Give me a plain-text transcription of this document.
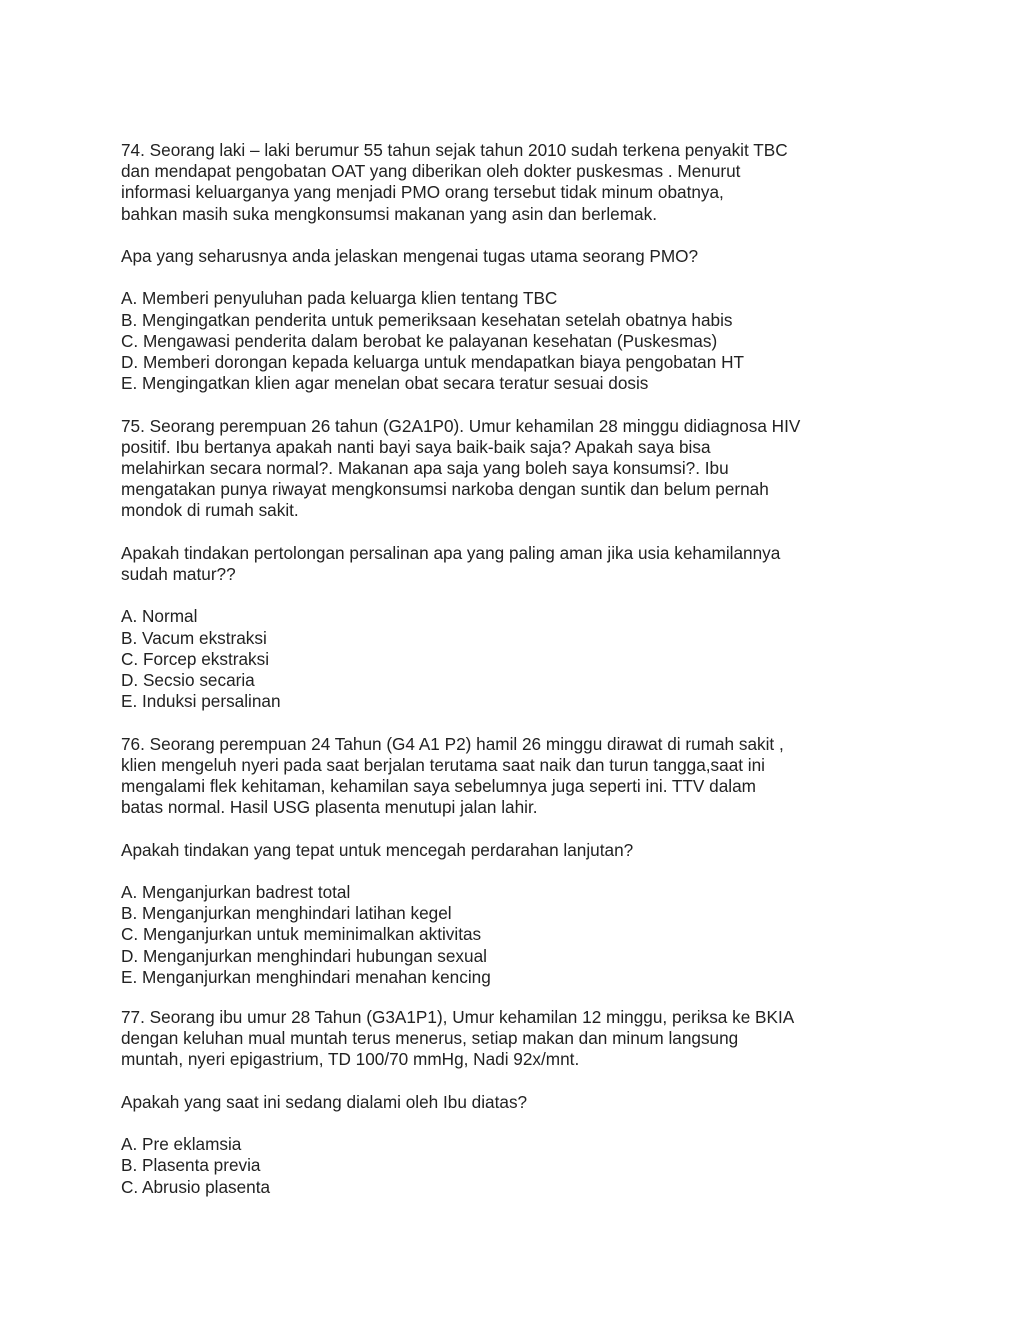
74. Seorang laki – laki berumur 55 tahun sejak tahun 2010 sudah terkena penyakit TBC
dan mendapat pengobatan OAT yang diberikan oleh dokter puskesmas . Menurut
informasi keluarganya yang menjadi PMO orang tersebut tidak minum obatnya,
bahkan masih suka mengkonsumsi makanan yang asin dan berlemak.
Apa yang seharusnya anda jelaskan mengenai tugas utama seorang PMO?
A. Memberi penyuluhan pada keluarga klien tentang TBC
B. Mengingatkan penderita untuk pemeriksaan kesehatan setelah obatnya habis
C. Mengawasi penderita dalam berobat ke palayanan kesehatan (Puskesmas)
D. Memberi dorongan kepada keluarga untuk mendapatkan biaya pengobatan HT
E. Mengingatkan klien agar menelan obat secara teratur sesuai dosis
75. Seorang perempuan 26 tahun (G2A1P0). Umur kehamilan 28 minggu didiagnosa HIV
positif. Ibu bertanya apakah nanti bayi saya baik-baik saja? Apakah saya bisa
melahirkan secara normal?. Makanan apa saja yang boleh saya konsumsi?. Ibu
mengatakan punya riwayat mengkonsumsi narkoba dengan suntik dan belum pernah
mondok di rumah sakit.
Apakah tindakan pertolongan persalinan apa yang paling aman jika usia kehamilannya
sudah matur??
A. Normal
B. Vacum ekstraksi
C. Forcep ekstraksi
D. Secsio secaria
E. Induksi persalinan
76. Seorang perempuan 24 Tahun (G4 A1 P2) hamil 26 minggu dirawat di rumah sakit ,
klien mengeluh nyeri pada saat berjalan terutama saat naik dan turun tangga,saat ini
mengalami flek kehitaman, kehamilan saya sebelumnya juga seperti ini. TTV dalam
batas normal. Hasil USG plasenta menutupi jalan lahir.
Apakah tindakan yang tepat untuk mencegah perdarahan lanjutan?
A. Menganjurkan badrest total
B. Menganjurkan menghindari latihan kegel
C. Menganjurkan untuk meminimalkan aktivitas
D. Menganjurkan menghindari hubungan sexual
E. Menganjurkan menghindari menahan kencing
77. Seorang ibu umur 28 Tahun (G3A1P1), Umur kehamilan 12 minggu, periksa ke BKIA
dengan keluhan mual muntah terus menerus, setiap makan dan minum langsung
muntah, nyeri epigastrium, TD 100/70 mmHg, Nadi 92x/mnt.
Apakah yang saat ini sedang dialami oleh Ibu diatas?
A. Pre eklamsia
B. Plasenta previa
C. Abrusio plasenta
